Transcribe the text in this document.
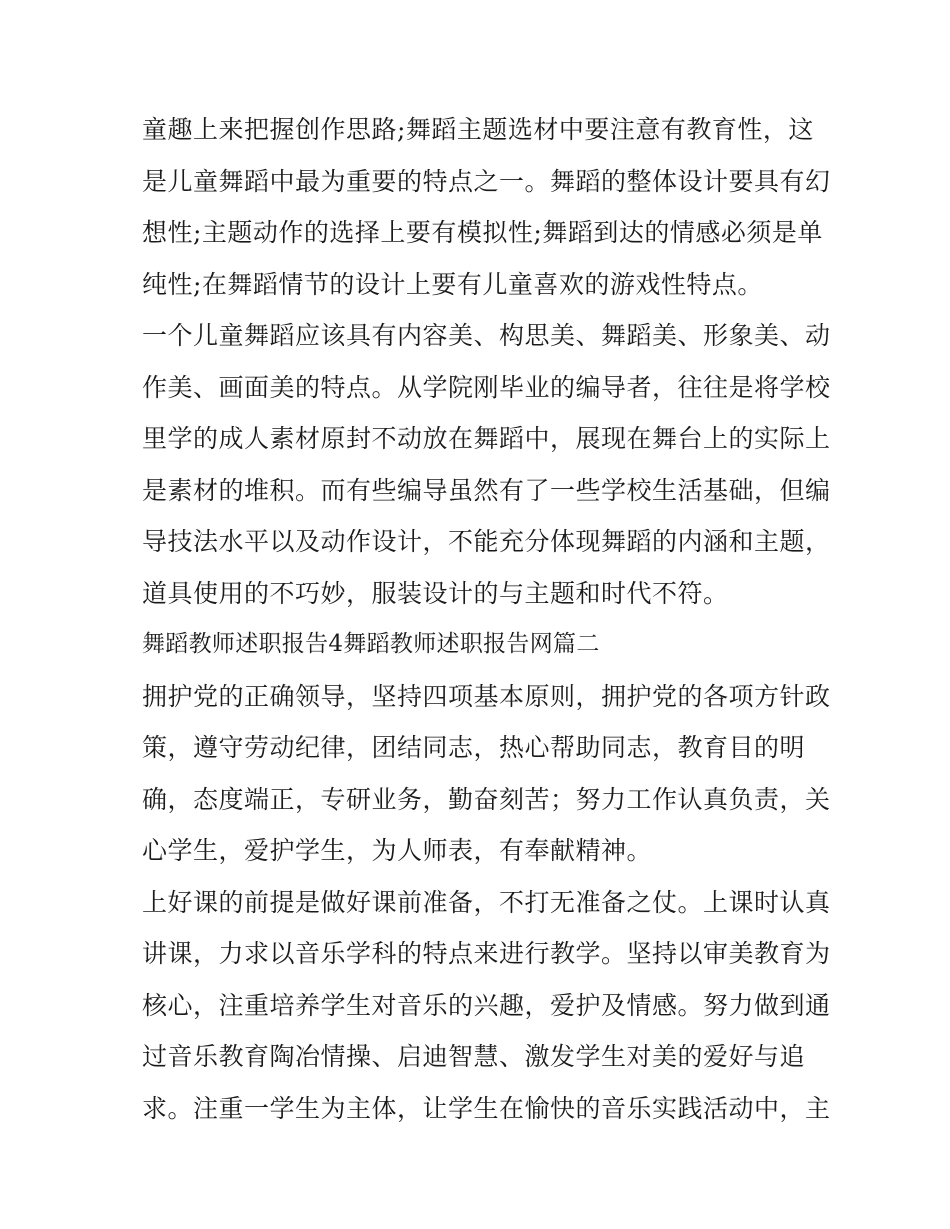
童趣上来把握创作思路;舞蹈主题选材中要注意有教育性，这
是儿童舞蹈中最为重要的特点之一。舞蹈的整体设计要具有幻
想性;主题动作的选择上要有模拟性;舞蹈到达的情感必须是单
纯性;在舞蹈情节的设计上要有儿童喜欢的游戏性特点。
一个儿童舞蹈应该具有内容美、构思美、舞蹈美、形象美、动
作美、画面美的特点。从学院刚毕业的编导者，往往是将学校
里学的成人素材原封不动放在舞蹈中，展现在舞台上的实际上
是素材的堆积。而有些编导虽然有了一些学校生活基础，但编
导技法水平以及动作设计，不能充分体现舞蹈的内涵和主题，
道具使用的不巧妙，服装设计的与主题和时代不符。
舞蹈教师述职报告4舞蹈教师述职报告网篇二
拥护党的正确领导，坚持四项基本原则，拥护党的各项方针政
策，遵守劳动纪律，团结同志，热心帮助同志，教育目的明
确，态度端正，专研业务，勤奋刻苦；努力工作认真负责，关
心学生，爱护学生，为人师表，有奉献精神。
上好课的前提是做好课前准备，不打无准备之仗。上课时认真
讲课，力求以音乐学科的特点来进行教学。坚持以审美教育为
核心，注重培养学生对音乐的兴趣，爱护及情感。努力做到通
过音乐教育陶冶情操、启迪智慧、激发学生对美的爱好与追
求。注重一学生为主体，让学生在愉快的音乐实践活动中，主
